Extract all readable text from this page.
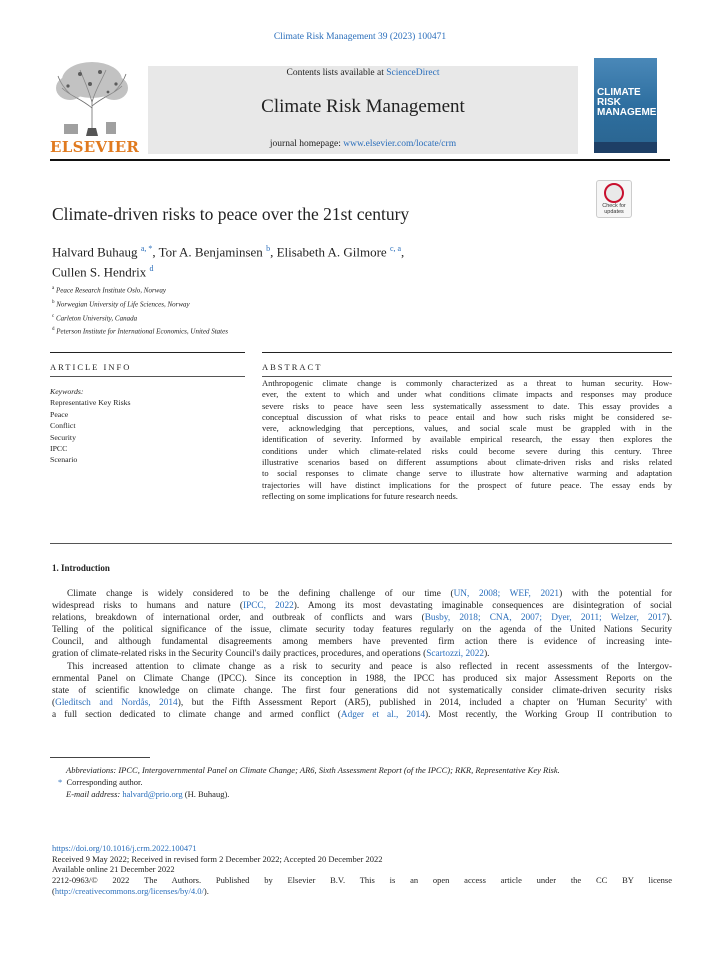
Climate Risk Management 39 (2023) 100471
ELSEVIER
Contents lists available at ScienceDirect
Climate Risk Management
journal homepage: www.elsevier.com/locate/crm
CLIMATE RISK MANAGEMENT
Climate-driven risks to peace over the 21st century	Check for updates
Halvard Buhaug $^{a, *}$, Tor A. Benjaminsen $^b$, Elisabeth A. Gilmore $^{c, a}$,
Cullen S. Hendrix $^d$
$^a$ Peace Research Institute Oslo, Norway
$^b$ Norwegian University of Life Sciences, Norway
$^c$ Carleton University, Canada
$^d$ Peterson Institute for International Economics, United States
ARTICLE INFO	ABSTRACT
Keywords:
Representative Key Risks
Peace
Conflict
Security
IPCC
Scenario
Anthropogenic climate change is commonly characterized as a threat to human security. How-
ever, the extent to which and under what conditions climate impacts and responses may produce
severe risks to peace have seen less systematically assessment to date. This essay provides a
conceptual discussion of what risks to peace entail and how such risks might be considered se-
vere, acknowledging that perceptions, values, and social scale must be grappled with in the
identification of severity. Informed by available empirical research, the essay then explores the
conditions under which climate-related risks could become severe during this century. Three
illustrative scenarios based on different assumptions about climate-driven risks and risks related
to social responses to climate change serve to illustrate how alternative warming and adaptation
trajectories will have distinct implications for the prospect of future peace. The essay ends by
reflecting on some implications for future research needs.
1. Introduction
Climate change is widely considered to be the defining challenge of our time (UN, 2008; WEF, 2021) with the potential for
widespread risks to humans and nature (IPCC, 2022). Among its most devastating imaginable consequences are disintegration of social
relations, breakdown of international order, and outbreak of conflicts and wars (Busby, 2018; CNA, 2007; Dyer, 2011; Welzer, 2017).
Telling of the political significance of the issue, climate security today features regularly on the agenda of the United Nations Security
Council, and although fundamental disagreements among members have prevented firm action there is evidence of increasing inte-
gration of climate-related risks in the Security Council's daily practices, procedures, and operations (Scartozzi, 2022).
This increased attention to climate change as a risk to security and peace is also reflected in recent assessments of the Intergov-
ernmental Panel on Climate Change (IPCC). Since its conception in 1988, the IPCC has produced six major Assessment Reports on the
state of scientific knowledge on climate change. The first four generations did not systematically consider climate-driven security risks
(Gleditsch and Nordås, 2014), but the Fifth Assessment Report (AR5), published in 2014, included a chapter on 'Human Security' with
a full section dedicated to climate change and armed conflict (Adger et al., 2014). Most recently, the Working Group II contribution to
Abbreviations: IPCC, Intergovernmental Panel on Climate Change; AR6, Sixth Assessment Report (of the IPCC); RKR, Representative Key Risk.
* Corresponding author.
E-mail address: halvard@prio.org (H. Buhaug).
https://doi.org/10.1016/j.crm.2022.100471
Received 9 May 2022; Received in revised form 2 December 2022; Accepted 20 December 2022
Available online 21 December 2022
2212-0963/© 2022 The Authors. Published by Elsevier B.V. This is an open access article under the CC BY license
(http://creativecommons.org/licenses/by/4.0/).
